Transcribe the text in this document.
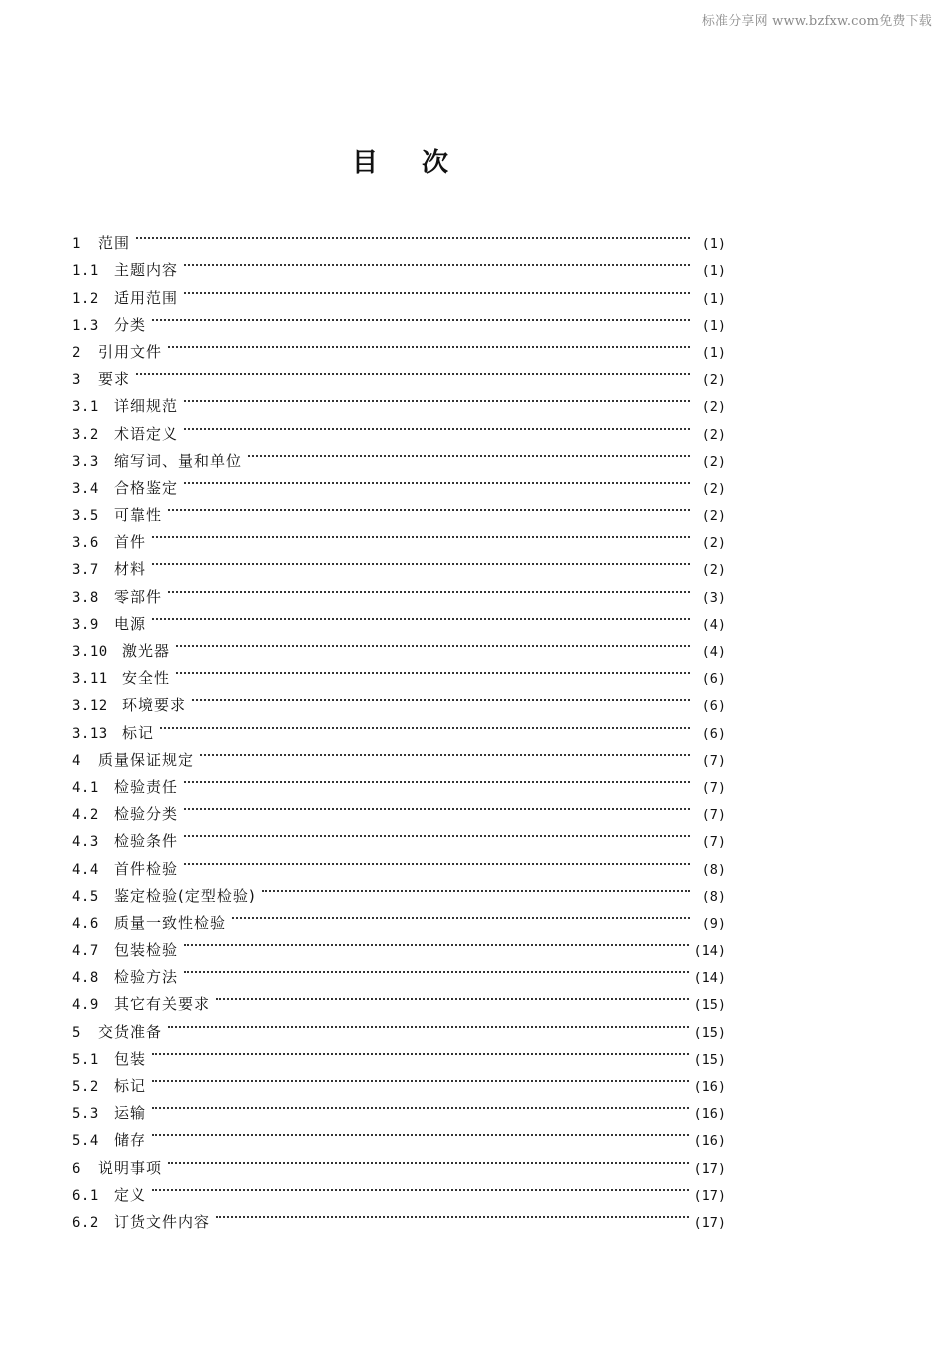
标准分享网 www.bzfxw.com免费下载
目次
1	范围	(1)
1.1	主题内容	(1)
1.2	适用范围	(1)
1.3	分类	(1)
2	引用文件	(1)
3	要求	(2)
3.1	详细规范	(2)
3.2	术语定义	(2)
3.3	缩写词、量和单位	(2)
3.4	合格鉴定	(2)
3.5	可靠性	(2)
3.6	首件	(2)
3.7	材料	(2)
3.8	零部件	(3)
3.9	电源	(4)
3.10 激光器	(4)
3.11 安全性	(6)
3.12 环境要求	(6)
3.13 标记	(6)
4	质量保证规定	(7)
4.1	检验责任	(7)
4.2	检验分类	(7)
4.3	检验条件	(7)
4.4	首件检验	(8)
4.5	鉴定检验(定型检验)	(8)
4.6	质量一致性检验	(9)
4.7	包装检验	(14)
4.8	检验方法	(14)
4.9	其它有关要求	(15)
5	交货准备	(15)
5.1	包装	(15)
5.2	标记	(16)
5.3	运输	(16)
5.4	储存	(16)
6	说明事项	(17)
6.1	定义	(17)
6.2	订货文件内容	(17)
